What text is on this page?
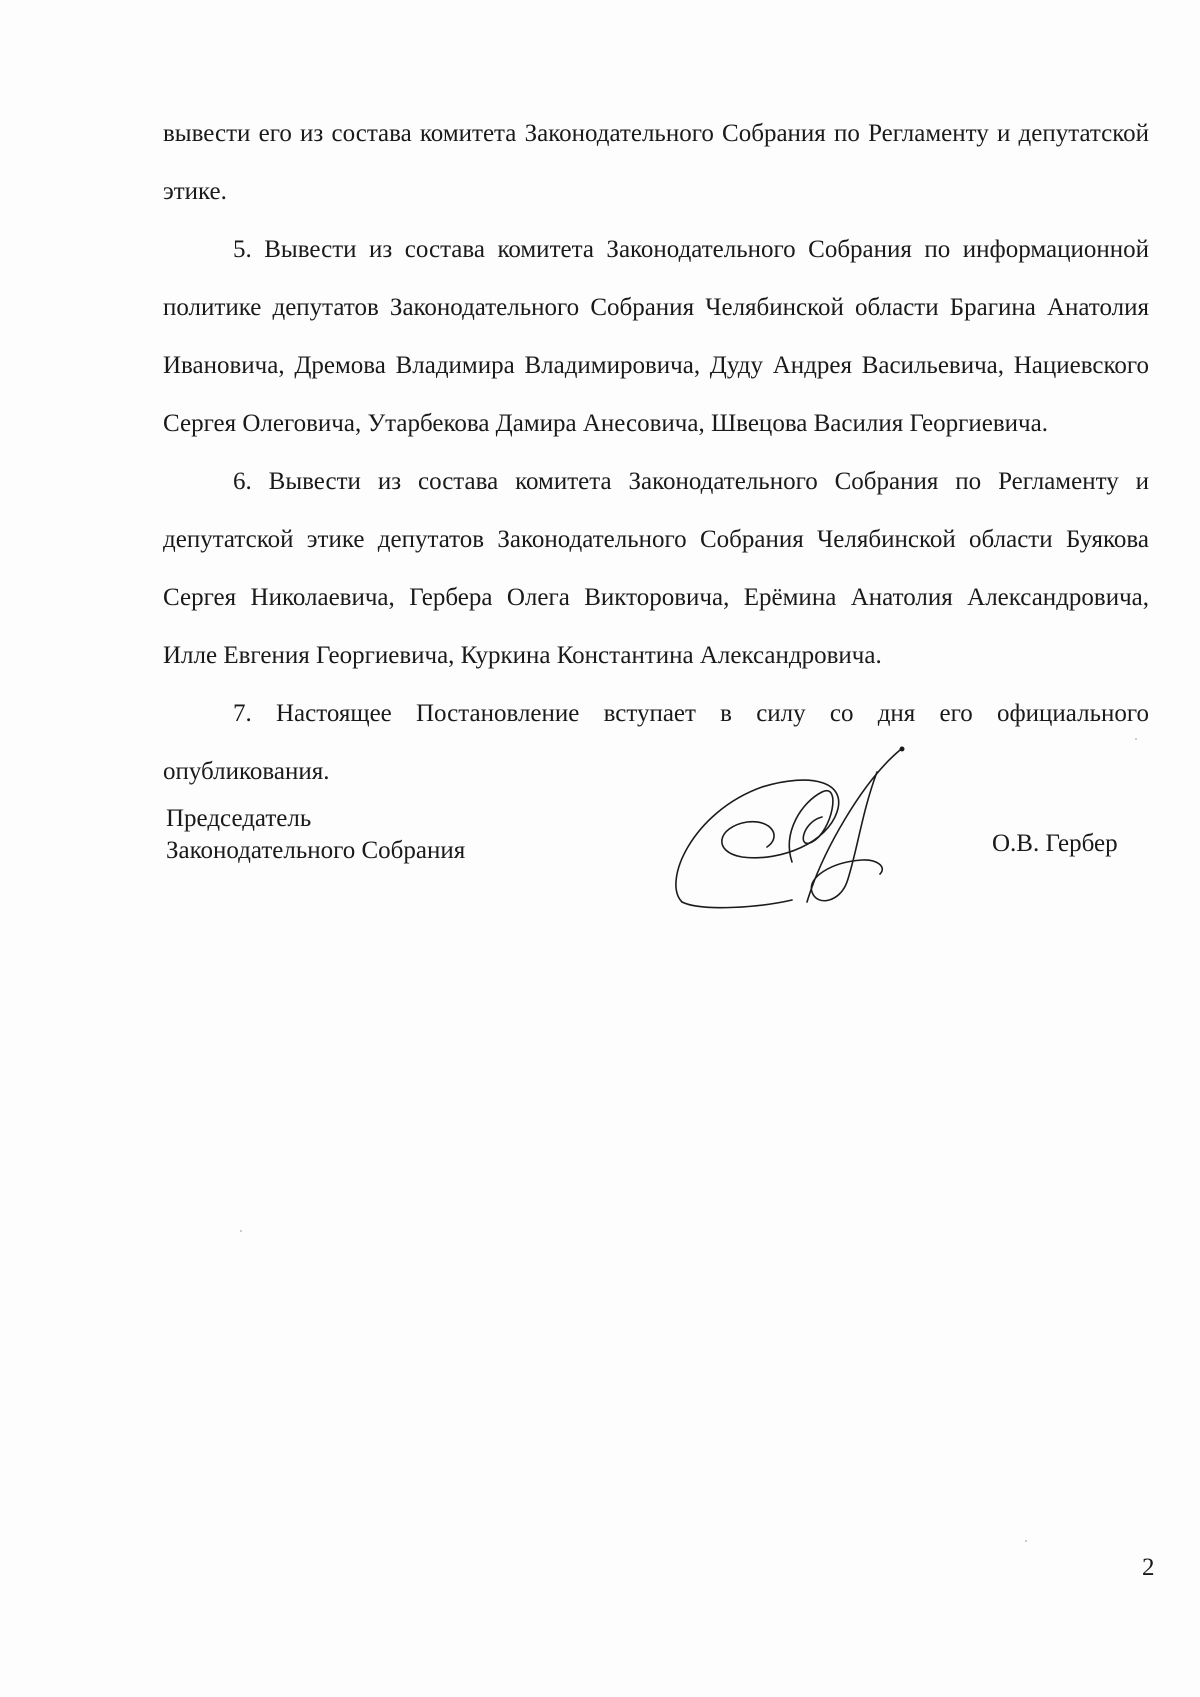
вывести его из состава комитета Законодательного Собрания по Регламенту и депутатской этике.

5. Вывести из состава комитета Законодательного Собрания по информационной политике депутатов Законодательного Собрания Челябинской области Брагина Анатолия Ивановича, Дремова Владимира Владимировича, Дуду Андрея Васильевича, Нациевского Сергея Олеговича, Утарбекова Дамира Анесовича, Швецова Василия Георгиевича.

6. Вывести из состава комитета Законодательного Собрания по Регламенту и депутатской этике депутатов Законодательного Собрания Челябинской области Буякова Сергея Николаевича, Гербера Олега Викторовича, Ерёмина Анатолия Александровича, Илле Евгения Георгиевича, Куркина Константина Александровича.

7. Настоящее Постановление вступает в силу со дня его официального опубликования.

Председатель
Законодательного Собрания	О.В. Гербер
2
